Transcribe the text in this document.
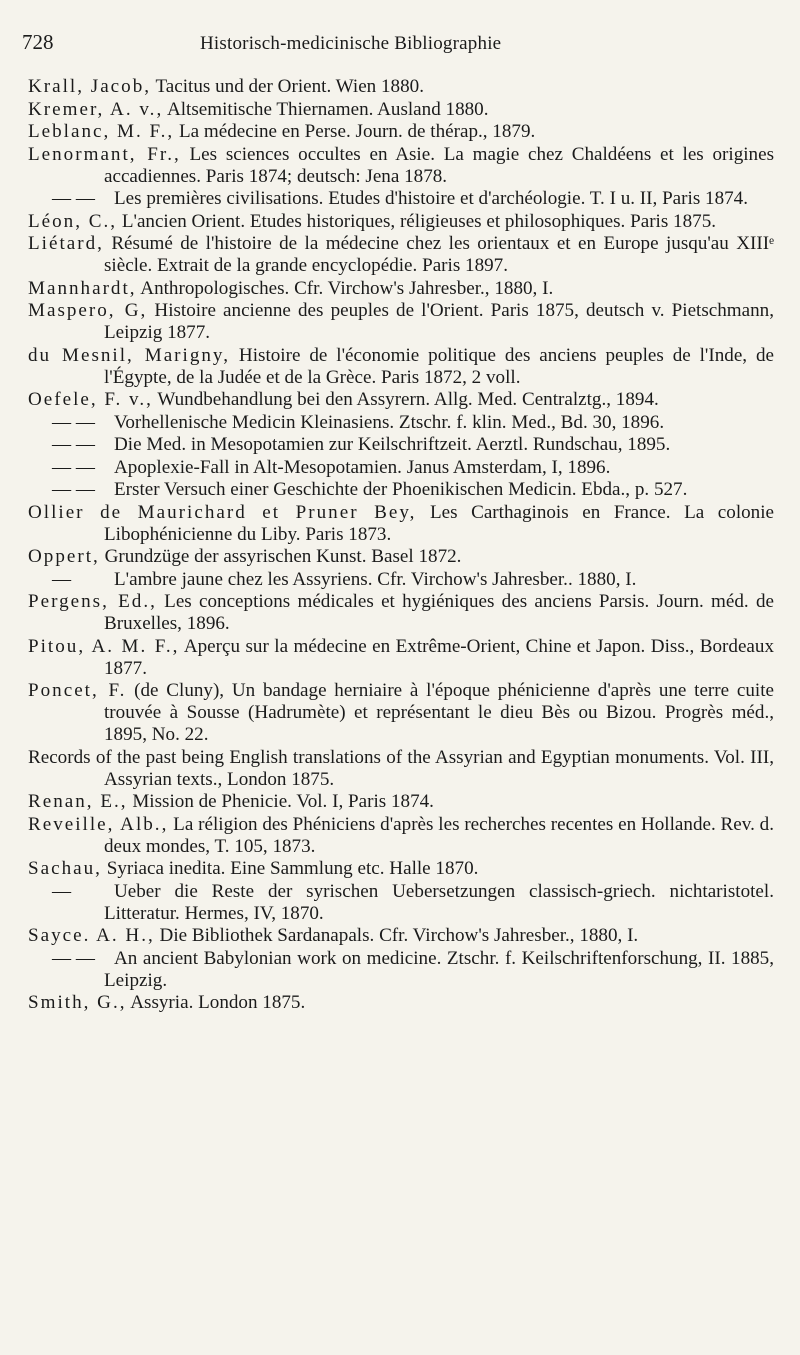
728	Historisch-medicinische Bibliographie
Krall, Jacob, Tacitus und der Orient. Wien 1880.
Kremer, A. v., Altsemitische Thiernamen. Ausland 1880.
Leblanc, M. F., La médecine en Perse. Journ. de thérap., 1879.
Lenormant, Fr., Les sciences occultes en Asie. La magie chez Chaldéens et les origines accadiennes. Paris 1874; deutsch: Jena 1878.
— — Les premières civilisations. Etudes d'histoire et d'archéologie. T. I u. II, Paris 1874.
Léon, C., L'ancien Orient. Etudes historiques, réligieuses et philosophiques. Paris 1875.
Liétard, Résumé de l'histoire de la médecine chez les orientaux et en Europe jusqu'au XIIIᵉ siècle. Extrait de la grande encyclopédie. Paris 1897.
Mannhardt, Anthropologisches. Cfr. Virchow's Jahresber., 1880, I.
Maspero, G, Histoire ancienne des peuples de l'Orient. Paris 1875, deutsch v. Pietschmann, Leipzig 1877.
du Mesnil, Marigny, Histoire de l'économie politique des anciens peuples de l'Inde, de l'Égypte, de la Judée et de la Grèce. Paris 1872, 2 voll.
Oefele, F. v., Wundbehandlung bei den Assyrern. Allg. Med. Centralztg., 1894.
— — Vorhellenische Medicin Kleinasiens. Ztschr. f. klin. Med., Bd. 30, 1896.
— — Die Med. in Mesopotamien zur Keilschriftzeit. Aerztl. Rundschau, 1895.
— — Apoplexie-Fall in Alt-Mesopotamien. Janus Amsterdam, I, 1896.
— — Erster Versuch einer Geschichte der Phoenikischen Medicin. Ebda., p. 527.
Ollier de Maurichard et Pruner Bey, Les Carthaginois en France. La colonie Libophénicienne du Liby. Paris 1873.
Oppert, Grundzüge der assyrischen Kunst. Basel 1872.
— L'ambre jaune chez les Assyriens. Cfr. Virchow's Jahresber.. 1880, I.
Pergens, Ed., Les conceptions médicales et hygiéniques des anciens Parsis. Journ. méd. de Bruxelles, 1896.
Pitou, A. M. F., Aperçu sur la médecine en Extrême-Orient, Chine et Japon. Diss., Bordeaux 1877.
Poncet, F. (de Cluny), Un bandage herniaire à l'époque phénicienne d'après une terre cuite trouvée à Sousse (Hadrumète) et représentant le dieu Bès ou Bizou. Progrès méd., 1895, No. 22.
Records of the past being English translations of the Assyrian and Egyptian monuments. Vol. III, Assyrian texts., London 1875.
Renan, E., Mission de Phenicie. Vol. I, Paris 1874.
Reveille, Alb., La réligion des Phéniciens d'après les recherches recentes en Hollande. Rev. d. deux mondes, T. 105, 1873.
Sachau, Syriaca inedita. Eine Sammlung etc. Halle 1870.
— Ueber die Reste der syrischen Uebersetzungen classisch-griech. nichtaristotel. Litteratur. Hermes, IV, 1870.
Sayce. A. H., Die Bibliothek Sardanapals. Cfr. Virchow's Jahresber., 1880, I.
— — An ancient Babylonian work on medicine. Ztschr. f. Keilschriftenforschung, II. 1885, Leipzig.
Smith, G., Assyria. London 1875.
